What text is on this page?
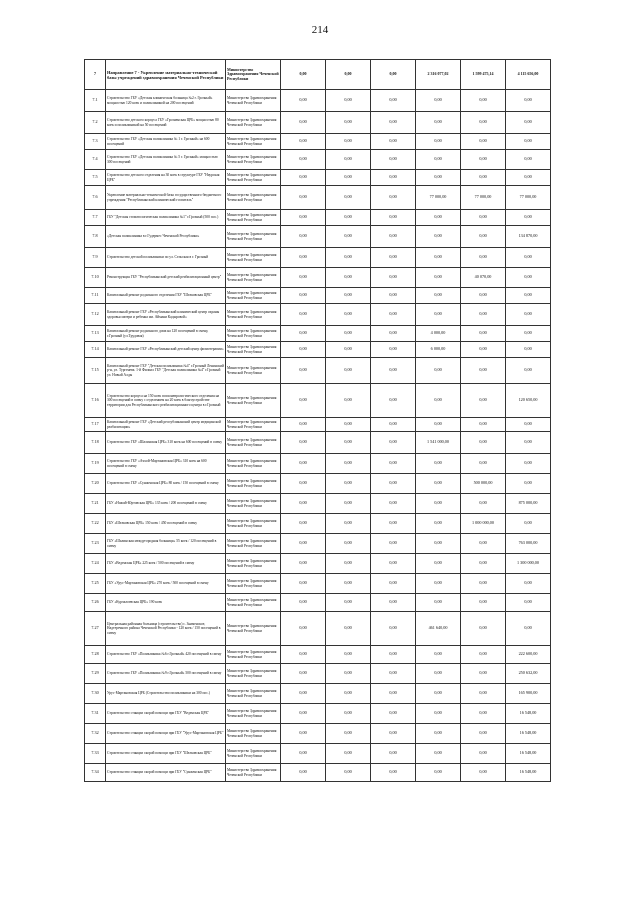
214
7	Направление 7 - Укрепление материально-технической базы учреждений здравоохранения Чеченской Республики	Министерство Здравоохранения Чеченской Республики	0,00	0,00	0,00	2 316 077,02	1 599 475,14	4 115 656,00
7.1	Строительство ГБУ «Детская клиническая больница №2 г. Грозный» мощностью 120 коек и поликлиникой на 200 посещений	Министерство Здравоохранения Чеченской Республики	0,00	0,00	0,00	0,00	0,00	0,00
7.2	Строительство детского корпуса ГБУ «Грозненская ЦРБ» мощностью 80 коек и поликлиникой на 50 посещений	Министерство Здравоохранения Чеченской Республики	0,00	0,00	0,00	0,00	0,00	0,00
7.3	Строительство ГБУ «Детская поликлиника № 1 г. Грозный» на 600 посещений	Министерство Здравоохранения Чеченской Республики	0,00	0,00	0,00	0,00	0,00	0,00
7.4	Строительство ГБУ «Детская поликлиника № 5 г. Грозный» мощностью 300 посещений	Министерство Здравоохранения Чеченской Республики	0,00	0,00	0,00	0,00	0,00	0,00
7.5	Строительство детского отделения на 30 коек в структуре ГБУ "Наурская ЦРБ"	Министерство Здравоохранения Чеченской Республики	0,00	0,00	0,00	0,00	0,00	0,00
7.6	Укрепление материально-технической базы государственного бюджетного учреждения "Республиканский клинический госпиталь"	Министерство Здравоохранения Чеченской Республики	0,00	0,00	0,00	77 000,00	77 000,00	77 000,00
7.7	ГБУ "Детская стоматологическая поликлиника №1" г.Грозный (500 пос.)	Министерство Здравоохранения Чеченской Республики	0,00	0,00	0,00	0,00	0,00	0,00
7.8	«Детская поликлиника в г.Гудермес Чеченской Республики»	Министерство Здравоохранения Чеченской Республики	0,00	0,00	0,00	0,00	0,00	134 870,00
7.9	Строительство детской поликлиники по ул. Сельская в г. Грозный	Министерство Здравоохранения Чеченской Республики	0,00	0,00	0,00	0,00	0,00	0,00
7.10	Реконструкция ГБУ "Республиканский детский реабилитационный центр"	Министерство Здравоохранения Чеченской Республики	0,00	0,00	0,00	0,00	40 070,00	0,00
7.11	Капитальный ремонт родильного отделения ГБУ "Шелковская ЦРБ"	Министерство Здравоохранения Чеченской Республики	0,00	0,00	0,00	0,00	0,00	0,00
7.12	Капитальный ремонт ГБУ «Республиканский клинический центр охраны здоровья матери и ребенка им. Аймани Кадыровой»	Министерство Здравоохранения Чеченской Республики	0,00	0,00	0,00	0,00	0,00	0,00
7.13	Капитальный ремонт родильного дома на 120 посещений в смену, г.Грозный (ул.Трудовая)	Министерство Здравоохранения Чеченской Республики	0,00	0,00	0,00	4 000,00	0,00	0,00
7.14	Капитальный ремонт ГБУ «Республиканский детский центр физиотерапии»	Министерство Здравоохранения Чеченской Республики	0,00	0,00	0,00	6 000,00	0,00	0,00
7.15	Капитальный ремонт ГБУ "Детская поликлиника №4" г.Грозный Ленинский р-н, ул. Тургенева. 1-й Филиал ГБУ "Детская поликлиника №4" г.Грозный ул. Новый Алды	Министерство Здравоохранения Чеченской Республики	0,00	0,00	0,00	0,00	0,00	0,00
7.16	Строительство корпуса на 150 коек психоневрологического отделения на 300 посещений в смену с отделением на 20 коек в благоустройстве территории для Республиканского реабилитационного центра в г.Грозный	Министерство Здравоохранения Чеченской Республики	0,00	0,00	0,00	0,00	0,00	120 650,00
7.17	Капитальный ремонт ГБУ «Детский республиканский центр медицинской реабилитации»	Министерство Здравоохранения Чеченской Республики	0,00	0,00	0,00	0,00	0,00	0,00
7.18	Строительство ГБУ «Шалинская ЦРБ» 310 коек на 600 посещений в смену	Министерство Здравоохранения Чеченской Республики	0,00	0,00	0,00	1 541 000,00	0,00	0,00
7.19	Строительство ГБУ «Ачхой-Мартановская ЦРБ» 310 коек на 600 посещений в смену	Министерство Здравоохранения Чеченской Республики	0,00	0,00	0,00	0,00	0,00	0,00
7.20	Строительство ГБУ «Сунженская ЦРБ» 80 коек / 150 посещений в смену	Министерство Здравоохранения Чеченской Республики	0,00	0,00	0,00	0,00	500 000,00	0,00
7.21	ГБУ «Ножай-Юртовская ЦРБ» 135 коек / 200 посещений в смену	Министерство Здравоохранения Чеченской Республики	0,00	0,00	0,00	0,00	0,00	875 000,00
7.22	ГБУ «Шелковская ЦРБ» 150 коек / 450 посещений в смену	Министерство Здравоохранения Чеченской Республики	0,00	0,00	0,00	0,00	1 000 000,00	0,00
7.23	ГБУ «Шалинская междугородная больница» 55 коек / 120 посещений в смену	Министерство Здравоохранения Чеченской Республики	0,00	0,00	0,00	0,00	0,00	763 000,00
7.24	ГБУ «Веденская ЦРБ» 225 коек / 500 посещений в смену	Министерство Здравоохранения Чеченской Республики	0,00	0,00	0,00	0,00	0,00	1 300 000,00
7.25	ГБУ «Урус-Мартановская ЦРБ» 270 коек / 500 посещений в смену	Министерство Здравоохранения Чеченской Республики	0,00	0,00	0,00	0,00	0,00	0,00
7.26	ГБУ «Курчалоевская ЦРБ» 190 коек	Министерство Здравоохранения Чеченской Республики	0,00	0,00	0,00	0,00	0,00	0,00
7.27	Центральная районная больница (строительство) с. Знаменское, Надтеречного района Чеченской Республики - 120 коек / 150 посещений в смену	Министерство Здравоохранения Чеченской Республики	0,00	0,00	0,00	461 640,00	0,00	0,00
7.28	Строительство ГБУ «Поликлиника №6 г.Грозный» 420 посещений в смену	Министерство Здравоохранения Чеченской Республики	0,00	0,00	0,00	0,00	0,00	222 600,00
7.29	Строительство ГБУ «Поликлиника №9 г.Грозный» 500 посещений в смену	Министерство Здравоохранения Чеченской Республики	0,00	0,00	0,00	0,00	0,00	250 632,00
7.30	Урус-Мартановская ЦРБ (Строительство поликлиники на 300 пос.)	Министерство Здравоохранения Чеченской Республики	0,00	0,00	0,00	0,00	0,00	165 900,00
7.31	Строительство станции скорой помощи при ГБУ "Веденская ЦРБ"	Министерство Здравоохранения Чеченской Республики	0,00	0,00	0,00	0,00	0,00	16 548,00
7.32	Строительство станции скорой помощи при ГБУ "Урус-Мартановская ЦРБ"	Министерство Здравоохранения Чеченской Республики	0,00	0,00	0,00	0,00	0,00	16 548,00
7.33	Строительство станции скорой помощи при ГБУ "Шелковская ЦРБ"	Министерство Здравоохранения Чеченской Республики	0,00	0,00	0,00	0,00	0,00	16 548,00
7.34	Строительство станции скорой помощи при ГБУ "Сунженская ЦРБ"	Министерство Здравоохранения Чеченской Республики	0,00	0,00	0,00	0,00	0,00	16 548,00
